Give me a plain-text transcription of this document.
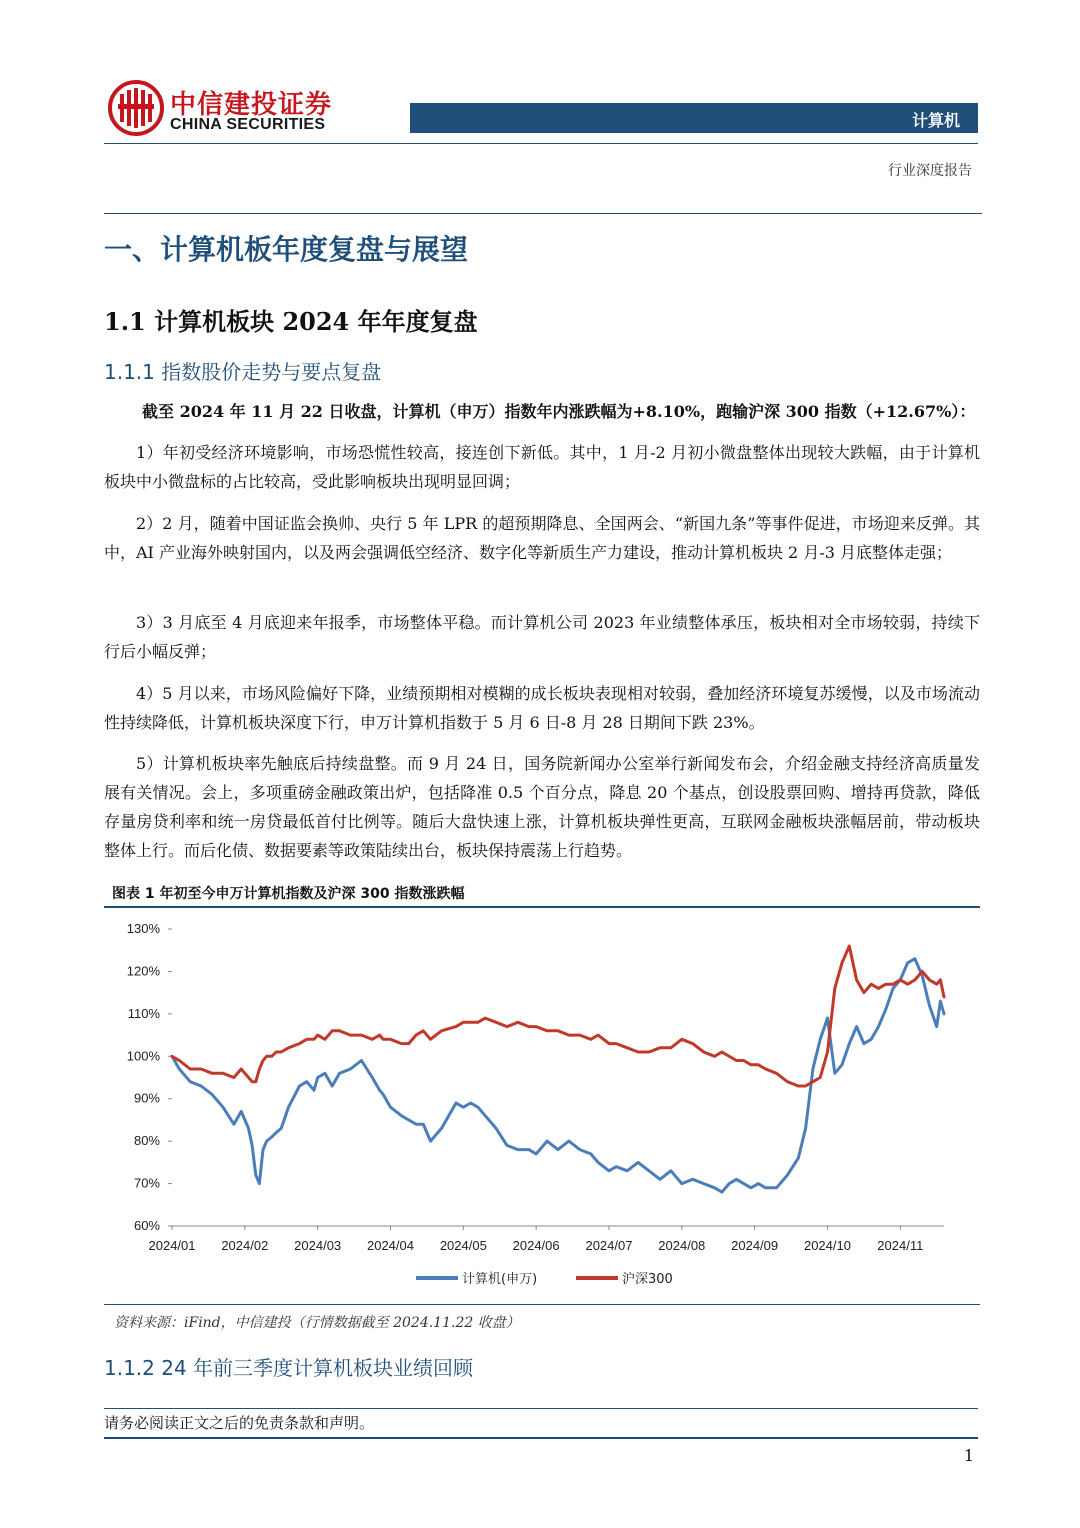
中信建投证券
CHINA SECURITIES	计算机
行业深度报告
一、计算机板年度复盘与展望
1.1 计算机板块 2024 年年度复盘
1.1.1 指数股价走势与要点复盘
截至 2024 年 11 月 22 日收盘，计算机（申万）指数年内涨跌幅为+8.10%，跑输沪深 300 指数（+12.67%）：
1）年初受经济环境影响，市场恐慌性较高，接连创下新低。其中，1 月-2 月初小微盘整体出现较大跌幅，由于计算机板块中小微盘标的占比较高，受此影响板块出现明显回调；
2）2 月，随着中国证监会换帅、央行 5 年 LPR 的超预期降息、全国两会、“新国九条”等事件促进，市场迎来反弹。其中，AI 产业海外映射国内，以及两会强调低空经济、数字化等新质生产力建设，推动计算机板块 2 月-3 月底整体走强；
3）3 月底至 4 月底迎来年报季，市场整体平稳。而计算机公司 2023 年业绩整体承压，板块相对全市场较弱，持续下行后小幅反弹；
4）5 月以来，市场风险偏好下降，业绩预期相对模糊的成长板块表现相对较弱，叠加经济环境复苏缓慢，以及市场流动性持续降低，计算机板块深度下行，申万计算机指数于 5 月 6 日-8 月 28 日期间下跌 23%。
5）计算机板块率先触底后持续盘整。而 9 月 24 日，国务院新闻办公室举行新闻发布会，介绍金融支持经济高质量发展有关情况。会上，多项重磅金融政策出炉，包括降准 0.5 个百分点，降息 20 个基点，创设股票回购、增持再贷款，降低存量房贷利率和统一房贷最低首付比例等。随后大盘快速上涨，计算机板块弹性更高，互联网金融板块涨幅居前，带动板块整体上行。而后化债、数据要素等政策陆续出台，板块保持震荡上行趋势。
图表 1 年初至今申万计算机指数及沪深 300 指数涨跌幅
60%
70%
80%
90%
100%
110%
120%
130%
2024/01 2024/02 2024/03 2024/04 2024/05 2024/06 2024/07 2024/08 2024/09 2024/10 2024/11
计算机(申万)	沪深300
资料来源：iFind，中信建投（行情数据截至 2024.11.22 收盘）
1.1.2 24 年前三季度计算机板块业绩回顾
请务必阅读正文之后的免责条款和声明。
1
